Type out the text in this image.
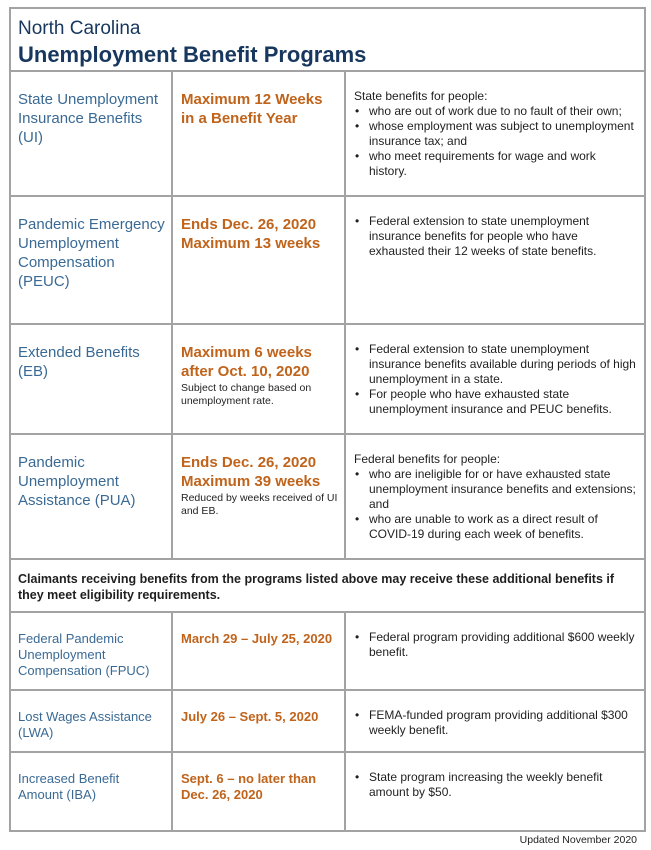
North Carolina
Unemployment Benefit Programs
State Unemployment Insurance Benefits (UI)
Maximum 12 Weeks
in a Benefit Year

State benefits for people:

• who are out of work due to no fault of their own;
• whose employment was subject to unemployment insurance tax; and
• who meet requirements for wage and work history.
Pandemic Emergency Unemployment Compensation (PEUC)
Ends Dec. 26, 2020
Maximum 13 weeks
• Federal extension to state unemployment insurance benefits for people who have exhausted their 12 weeks of state benefits.
Extended Benefits (EB)
Maximum 6 weeks
after Oct. 10, 2020
Subject to change based on unemployment rate.
• Federal extension to state unemployment insurance benefits available during periods of high unemployment in a state.
• For people who have exhausted state unemployment insurance and PEUC benefits.
Pandemic Unemployment Assistance (PUA)
Ends Dec. 26, 2020
Maximum 39 weeks
Reduced by weeks received of UI and EB.

Federal benefits for people:

• who are ineligible for or have exhausted state unemployment insurance benefits and extensions; and
• who are unable to work as a direct result of COVID-19 during each week of benefits.
Claimants receiving benefits from the programs listed above may receive these additional benefits if they meet eligibility requirements.
Federal Pandemic Unemployment Compensation (FPUC)
March 29 – July 25, 2020	• Federal program providing additional $600 weekly benefit.
Lost Wages Assistance (LWA)
July 26 – Sept. 5, 2020	• FEMA-funded program providing additional $300 weekly benefit.
Increased Benefit Amount (IBA)
Sept. 6 – no later than Dec. 26, 2020
• State program increasing the weekly benefit amount by $50.
Updated November 2020
